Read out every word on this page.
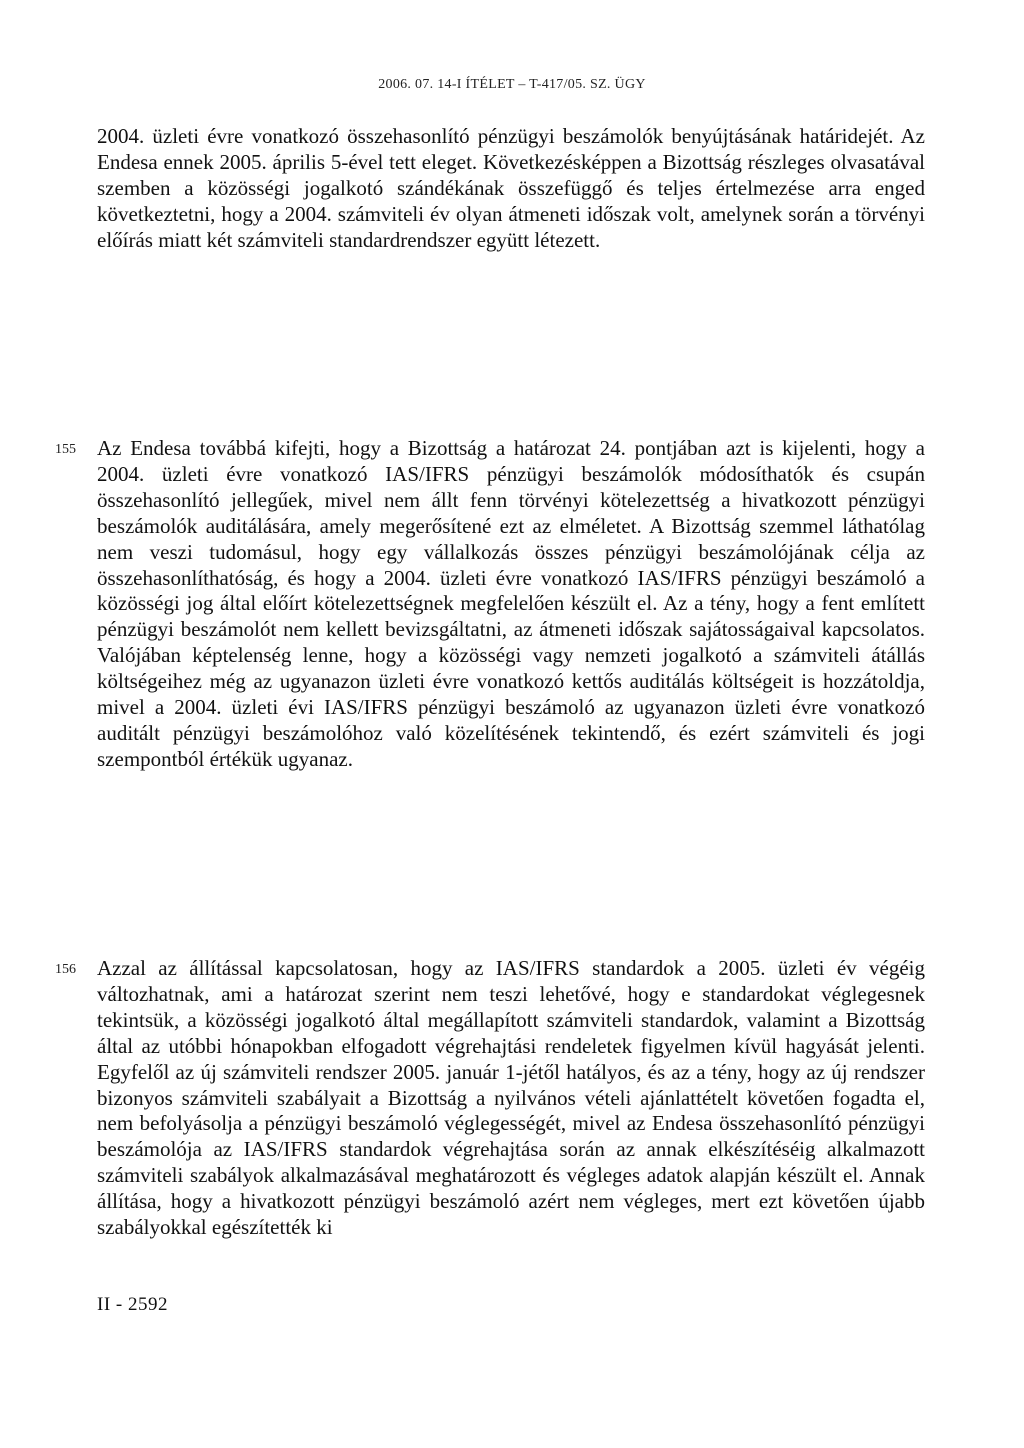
2006. 07. 14-I ÍTÉLET – T-417/05. SZ. ÜGY

2004. üzleti évre vonatkozó összehasonlító pénzügyi beszámolók benyújtásának határidejét. Az Endesa ennek 2005. április 5-ével tett eleget. Következésképpen a Bizottság részleges olvasatával szemben a közösségi jogalkotó szándékának összefüggő és teljes értelmezése arra enged következtetni, hogy a 2004. számviteli év olyan átmeneti időszak volt, amelynek során a törvényi előírás miatt két számviteli standardrendszer együtt létezett.

155 Az Endesa továbbá kifejti, hogy a Bizottság a határozat 24. pontjában azt is kijelenti, hogy a 2004. üzleti évre vonatkozó IAS/IFRS pénzügyi beszámolók módosíthatók és csupán összehasonlító jellegűek, mivel nem állt fenn törvényi kötelezettség a hivatkozott pénzügyi beszámolók auditálására, amely megerősítené ezt az elméletet. A Bizottság szemmel láthatólag nem veszi tudomásul, hogy egy vállalkozás összes pénzügyi beszámolójának célja az összehasonlíthatóság, és hogy a 2004. üzleti évre vonatkozó IAS/IFRS pénzügyi beszámoló a közösségi jog által előírt kötelezettségnek megfelelően készült el. Az a tény, hogy a fent említett pénzügyi beszámolót nem kellett bevizsgáltatni, az átmeneti időszak sajátosságaival kapcsolatos. Valójában képtelenség lenne, hogy a közösségi vagy nemzeti jogalkotó a számviteli átállás költségeihez még az ugyanazon üzleti évre vonatkozó kettős auditálás költségeit is hozzátoldja, mivel a 2004. üzleti évi IAS/IFRS pénzügyi beszámoló az ugyanazon üzleti évre vonatkozó auditált pénzügyi beszámolóhoz való közelítésének tekintendő, és ezért számviteli és jogi szempontból értékük ugyanaz.

156 Azzal az állítással kapcsolatosan, hogy az IAS/IFRS standardok a 2005. üzleti év végéig változhatnak, ami a határozat szerint nem teszi lehetővé, hogy e standardokat véglegesnek tekintsük, a közösségi jogalkotó által megállapított számviteli standardok, valamint a Bizottság által az utóbbi hónapokban elfogadott végrehajtási rendeletek figyelmen kívül hagyását jelenti. Egyfelől az új számviteli rendszer 2005. január 1-jétől hatályos, és az a tény, hogy az új rendszer bizonyos számviteli szabályait a Bizottság a nyilvános vételi ajánlattételt követően fogadta el, nem befolyásolja a pénzügyi beszámoló véglegességét, mivel az Endesa összehasonlító pénzügyi beszámolója az IAS/IFRS standardok végrehajtása során az annak elkészítéséig alkalmazott számviteli szabályok alkalmazásával meghatározott és végleges adatok alapján készült el. Annak állítása, hogy a hivatkozott pénzügyi beszámoló azért nem végleges, mert ezt követően újabb szabályokkal egészítették ki

II - 2592
